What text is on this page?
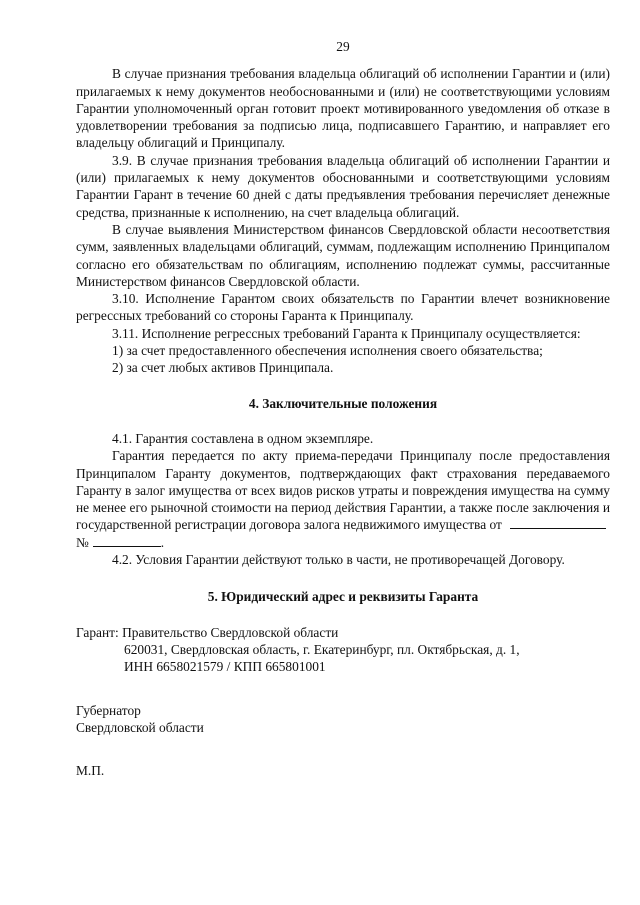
29

В случае признания требования владельца облигаций об исполнении Гарантии и (или) прилагаемых к нему документов необоснованными и (или) не соответствующими условиям Гарантии уполномоченный орган готовит проект мотивированного уведомления об отказе в удовлетворении требования за подписью лица, подписавшего Гарантию, и направляет его владельцу облигаций и Принципалу.

3.9. В случае признания требования владельца облигаций об исполнении Гарантии и (или) прилагаемых к нему документов обоснованными и соответствующими условиям Гарантии Гарант в течение 60 дней с даты предъявления требования перечисляет денежные средства, признанные к исполнению, на счет владельца облигаций.

В случае выявления Министерством финансов Свердловской области несоответствия сумм, заявленных владельцами облигаций, суммам, подлежащим исполнению Принципалом согласно его обязательствам по облигациям, исполнению подлежат суммы, рассчитанные Министерством финансов Свердловской области.

3.10. Исполнение Гарантом своих обязательств по Гарантии влечет возникновение регрессных требований со стороны Гаранта к Принципалу.

3.11. Исполнение регрессных требований Гаранта к Принципалу осуществляется:

1) за счет предоставленного обеспечения исполнения своего обязательства;

2) за счет любых активов Принципала.

4. Заключительные положения

4.1. Гарантия составлена в одном экземпляре.

Гарантия передается по акту приема-передачи Принципалу после предоставления Принципалом Гаранту документов, подтверждающих факт страхования передаваемого Гаранту в залог имущества от всех видов рисков утраты и повреждения имущества на сумму не менее его рыночной стоимости на период действия Гарантии, а также после заключения и государственной регистрации договора залога недвижимого имущества от
№	.

4.2. Условия Гарантии действуют только в части, не противоречащей Договору.

5. Юридический адрес и реквизиты Гаранта

Гарант: Правительство Свердловской области

620031, Свердловская область, г. Екатеринбург, пл. Октябрьская, д. 1,

ИНН 6658021579 / КПП 665801001

Губернатор

Свердловской области

М.П.
